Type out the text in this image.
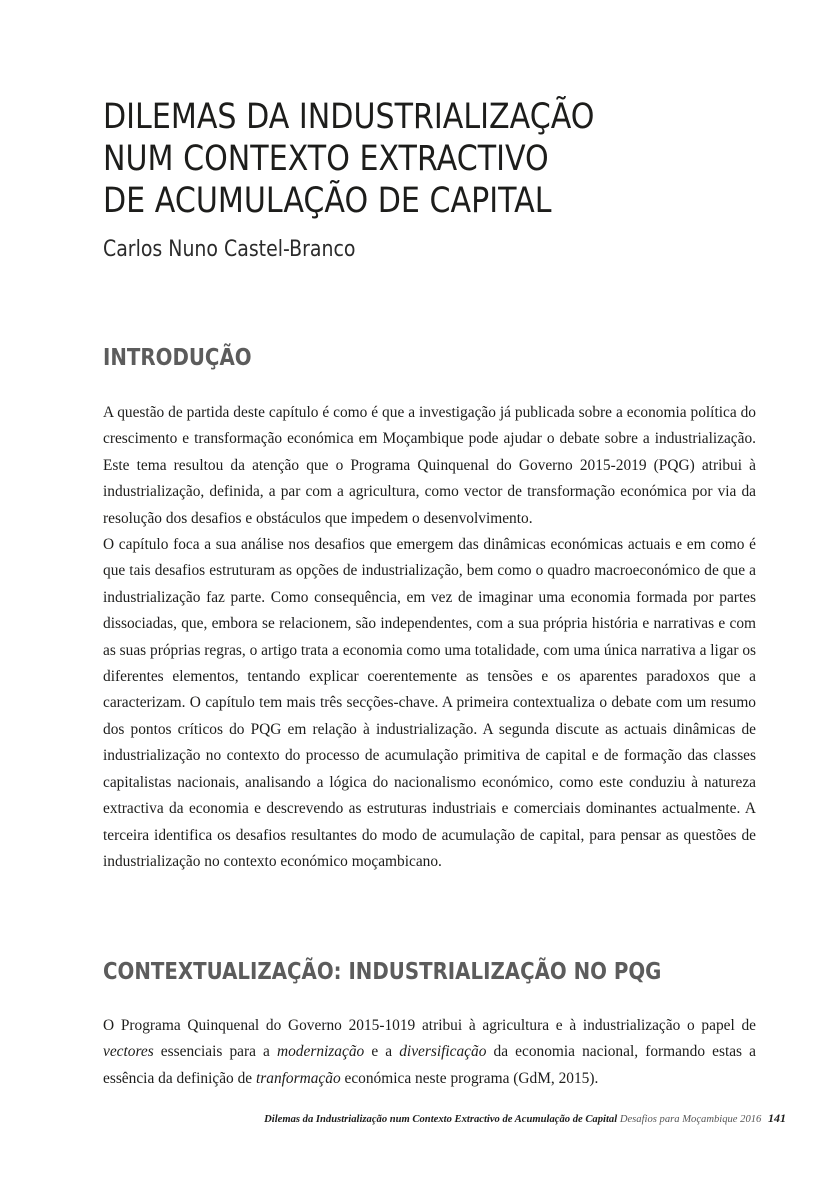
DILEMAS DA INDUSTRIALIZAÇÃO
NUM CONTEXTO EXTRACTIVO
DE ACUMULAÇÃO DE CAPITAL
Carlos Nuno Castel-Branco
INTRODUÇÃO

A questão de partida deste capítulo é como é que a investigação já publicada sobre a economia política do crescimento e transformação económica em Moçambique pode ajudar o debate sobre a industrialização. Este tema resultou da atenção que o Programa Quinquenal do Governo 2015-2019 (PQG) atribui à industrialização, definida, a par com a agricultura, como vector de transformação económica por via da resolução dos desafios e obstáculos que impedem o desenvolvimento.

O capítulo foca a sua análise nos desafios que emergem das dinâmicas económicas actuais e em como é que tais desafios estruturam as opções de industrialização, bem como o quadro macroeconómico de que a industrialização faz parte. Como consequência, em vez de imaginar uma economia formada por partes dissociadas, que, embora se relacionem, são independentes, com a sua própria história e narrativas e com as suas próprias regras, o artigo trata a economia como uma totalidade, com uma única narrativa a ligar os diferentes elementos, tentando explicar coerentemente as tensões e os aparentes paradoxos que a caracterizam. O capítulo tem mais três secções-chave. A primeira contextualiza o debate com um resumo dos pontos críticos do PQG em relação à industrialização. A segunda discute as actuais dinâmicas de industrialização no contexto do processo de acumulação primitiva de capital e de formação das classes capitalistas nacionais, analisando a lógica do nacionalismo económico, como este conduziu à natureza extractiva da economia e descrevendo as estruturas industriais e comerciais dominantes actualmente. A terceira identifica os desafios resultantes do modo de acumulação de capital, para pensar as questões de industrialização no contexto económico moçambicano.

CONTEXTUALIZAÇÃO: INDUSTRIALIZAÇÃO NO PQG

O Programa Quinquenal do Governo 2015-1019 atribui à agricultura e à industrialização o papel de vectores essenciais para a modernização e a diversificação da economia nacional, formando estas a essência da definição de tranformação económica neste programa (GdM, 2015).

Dilemas da Industrialização num Contexto Extractivo de Acumulação de Capital Desafios para Moçambique 2016 141
